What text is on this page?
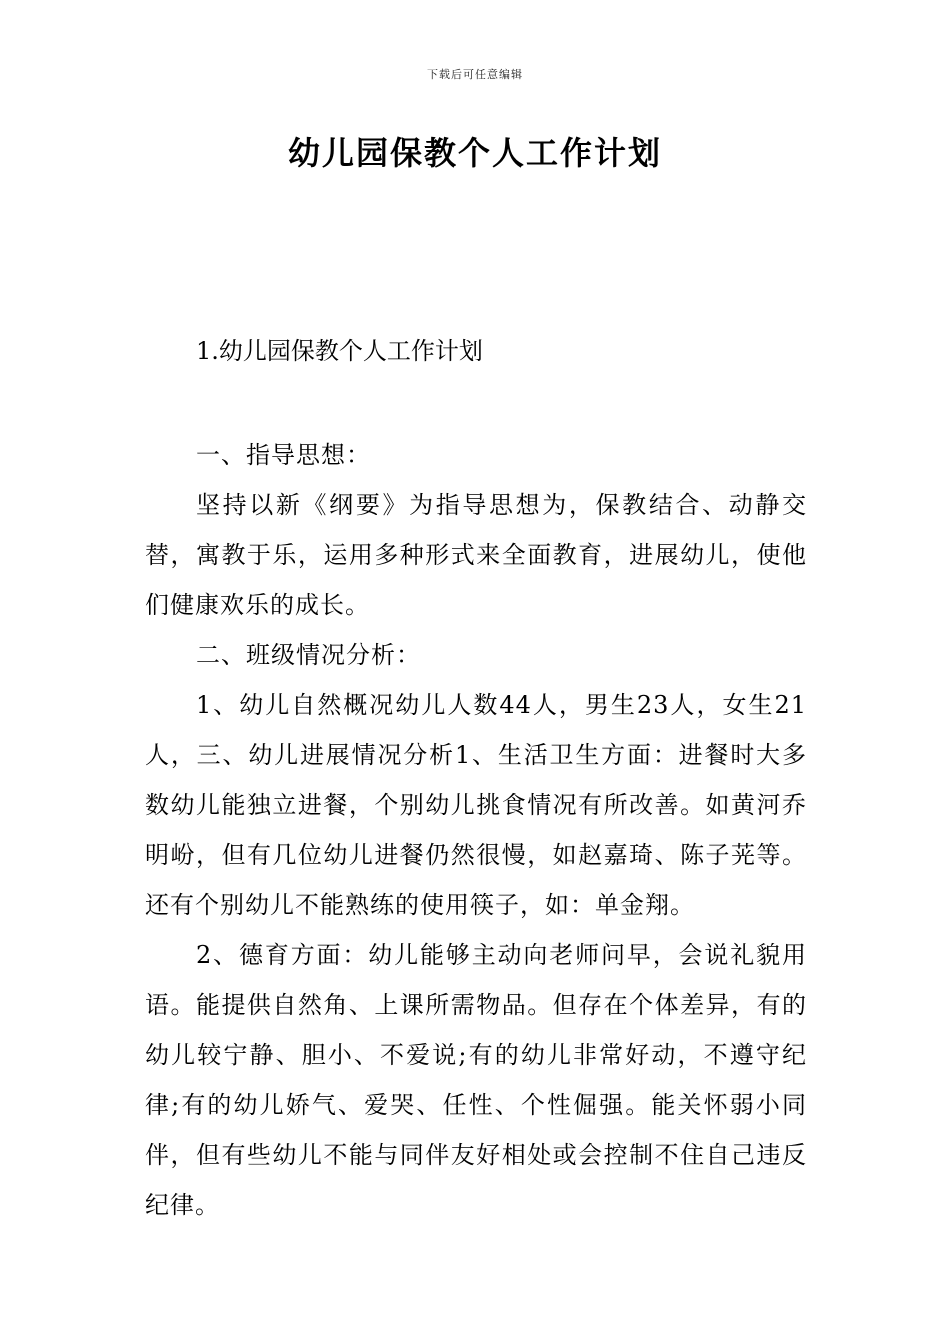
下载后可任意编辑
幼儿园保教个人工作计划

1.幼儿园保教个人工作计划

一、指导思想：

坚持以新《纲要》为指导思想为，保教结合、动静交替，寓教于乐，运用多种形式来全面教育，进展幼儿，使他们健康欢乐的成长。

二、班级情况分析：

1、幼儿自然概况幼儿人数44人，男生23人，女生21人，三、幼儿进展情况分析1、生活卫生方面：进餐时大多数幼儿能独立进餐，个别幼儿挑食情况有所改善。如黄河乔明岎，但有几位幼儿进餐仍然很慢，如赵嘉琦、陈子茪等。还有个别幼儿不能熟练的使用筷子，如：单金翔。

2、德育方面：幼儿能够主动向老师问早，会说礼貌用语。能提供自然角、上课所需物品。但存在个体差异，有的幼儿较宁静、胆小、不爱说;有的幼儿非常好动，不遵守纪律;有的幼儿娇气、爱哭、任性、个性倔强。能关怀弱小同伴，但有些幼儿不能与同伴友好相处或会控制不住自己违反纪律。
